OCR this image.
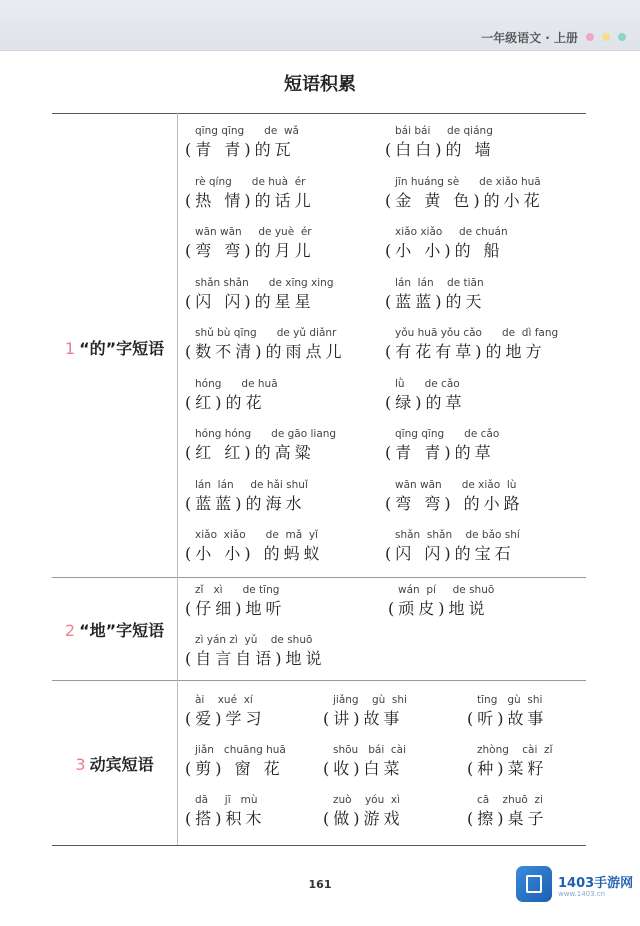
一年级语文 · 上册
短语积累
1 “的”字短语
2 “地”字短语
3 动宾短语
qīng qīng      de  wǎ
(青 青)的瓦
bái bái     de qiáng
(白白)的 墙
rè qíng      de huà  ér
(热 情)的话儿
jīn huáng sè      de xiǎo huā
(金 黄 色)的小花
wān wān     de yuè  ér
(弯 弯)的月儿
xiǎo xiǎo     de chuán
(小 小)的 船
shǎn shǎn      de xīng xing
(闪 闪)的星星
lán  lán    de tiān
(蓝蓝)的天
shǔ bù qīng      de yǔ diǎnr
(数不清)的雨点儿
yǒu huā yǒu cǎo      de  dì fang
(有花有草)的地方
hóng      de huā
(红)的花
lǜ      de cǎo
(绿)的草
hóng hóng      de gāo liang
(红 红)的高粱
qīng qīng      de cǎo
(青 青)的草
lán  lán     de hǎi shuǐ
(蓝蓝)的海水
wān wān      de xiǎo  lù
(弯 弯) 的小路
xiǎo  xiǎo      de  mǎ  yǐ
(小 小) 的蚂蚁
shǎn  shǎn    de bǎo shí
(闪 闪)的宝石
zǐ   xì      de tīng
(仔细)地听
wán  pí     de shuō
(顽皮)地说
zì yán zì  yǔ    de shuō
(自言自语)地说
ài    xué  xí
(爱)学习
jiǎng    gù  shi
(讲)故事
tīng   gù  shi
(听)故事
jiǎn   chuāng huā
(剪) 窗 花
shōu   bái  cài
(收)白菜
zhòng    cài  zǐ
(种)菜籽
dā     jī   mù
(搭)积木
zuò    yóu  xì
(做)游戏
cā    zhuō  zi
(擦)桌子
161	1403手游网
www.1403.cn
